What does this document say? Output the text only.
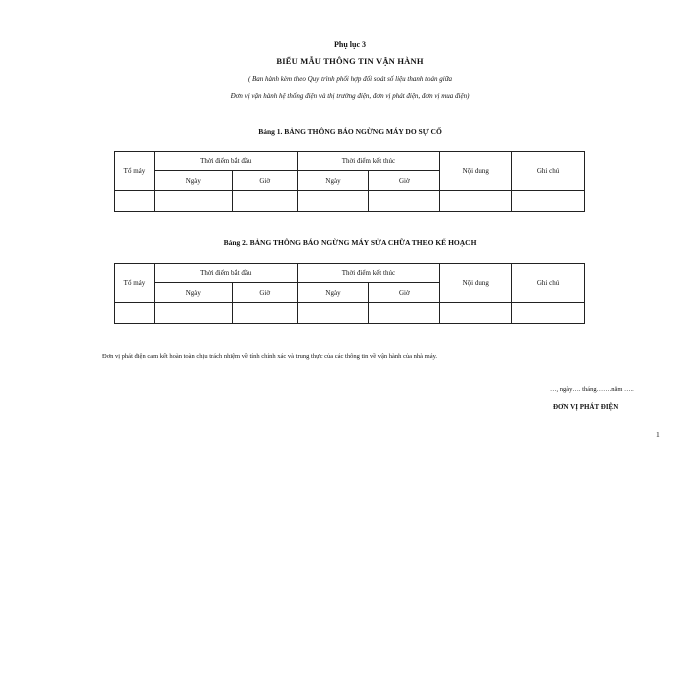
Phụ lục 3
BIỂU MẪU THÔNG TIN VẬN HÀNH
( Ban hành kèm theo Quy trình phối hợp đối soát số liệu thanh toán giữa
Đơn vị vận hành hệ thống điện và thị trường điện, đơn vị phát điện, đơn vị mua điện)
Bảng 1. BẢNG THÔNG BÁO NGỪNG MÁY DO SỰ CỐ
Tổ máy	Thời điểm bắt đầu		Thời điểm kết thúc		Nội dung	Ghi chú
	Ngày	Giờ	Ngày	Giờ		

Bảng 2. BẢNG THÔNG BÁO NGỪNG MÁY SỬA CHỮA THEO KẾ HOẠCH
Tổ máy	Thời điểm bắt đầu		Thời điểm kết thúc		Nội dung	Ghi chú
	Ngày	Giờ	Ngày	Giờ		

Đơn vị phát điện cam kết hoàn toàn chịu trách nhiệm về tính chính xác và trung thực của các thông tin về vận hành của nhà máy.
…, ngày…. tháng…….năm …..
ĐƠN VỊ PHÁT ĐIỆN
1
